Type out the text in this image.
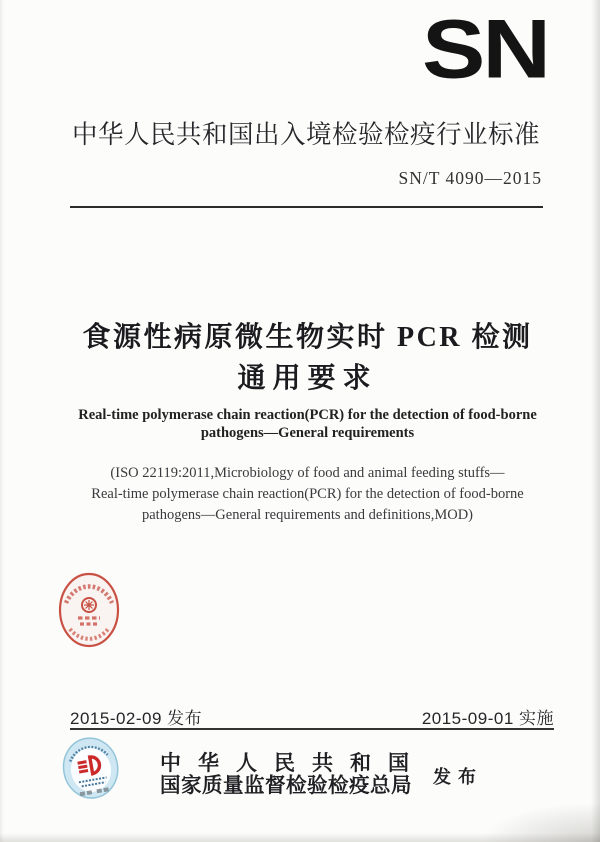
SN
中华人民共和国出入境检验检疫行业标准
SN/T 4090—2015
食源性病原微生物实时 PCR 检测
通用要求
Real-time polymerase chain reaction(PCR) for the detection of food-borne
pathogens—General requirements
(ISO 22119:2011,Microbiology of food and animal feeding stuffs—
Real-time polymerase chain reaction(PCR) for the detection of food-borne
pathogens—General requirements and definitions,MOD)
2015-02-09 发布	2015-09-01 实施
中华人民共和国
国家质量监督检验检疫总局	发布
